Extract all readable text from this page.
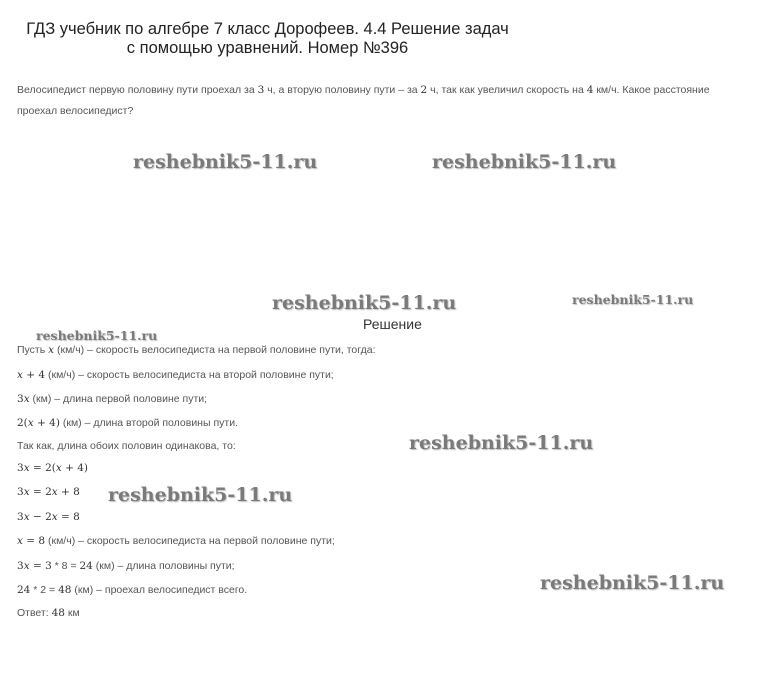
ГДЗ учебник по алгебре 7 класс Дорофеев. 4.4 Решение задач
с помощью уравнений. Номер №396
Велосипедист первую половину пути проехал за 3 ч, а вторую половину пути – за 2 ч, так как увеличил скорость на 4 км/ч. Какое расстояние проехал велосипедист?
reshebnik5-11.ru	reshebnik5-11.ru
reshebnik5-11.ru	reshebnik5-11.ru
reshebnik5-11.ru
reshebnik5-11.ru
reshebnik5-11.ru
reshebnik5-11.ru
Решение
Пусть x (км/ч) – скорость велосипедиста на первой половине пути, тогда:
x + 4 (км/ч) – скорость велосипедиста на второй половине пути;
3x (км) – длина первой половине пути;
2(x + 4) (км) – длина второй половины пути.
Так как, длина обоих половин одинакова, то:
3x = 2(x + 4)
3x = 2x + 8
3x − 2x = 8
x = 8 (км/ч) – скорость велосипедиста на первой половине пути;
3x = 3 * 8 = 24 (км) – длина половины пути;
24 * 2 = 48 (км) – проехал велосипедист всего.
Ответ: 48 км
